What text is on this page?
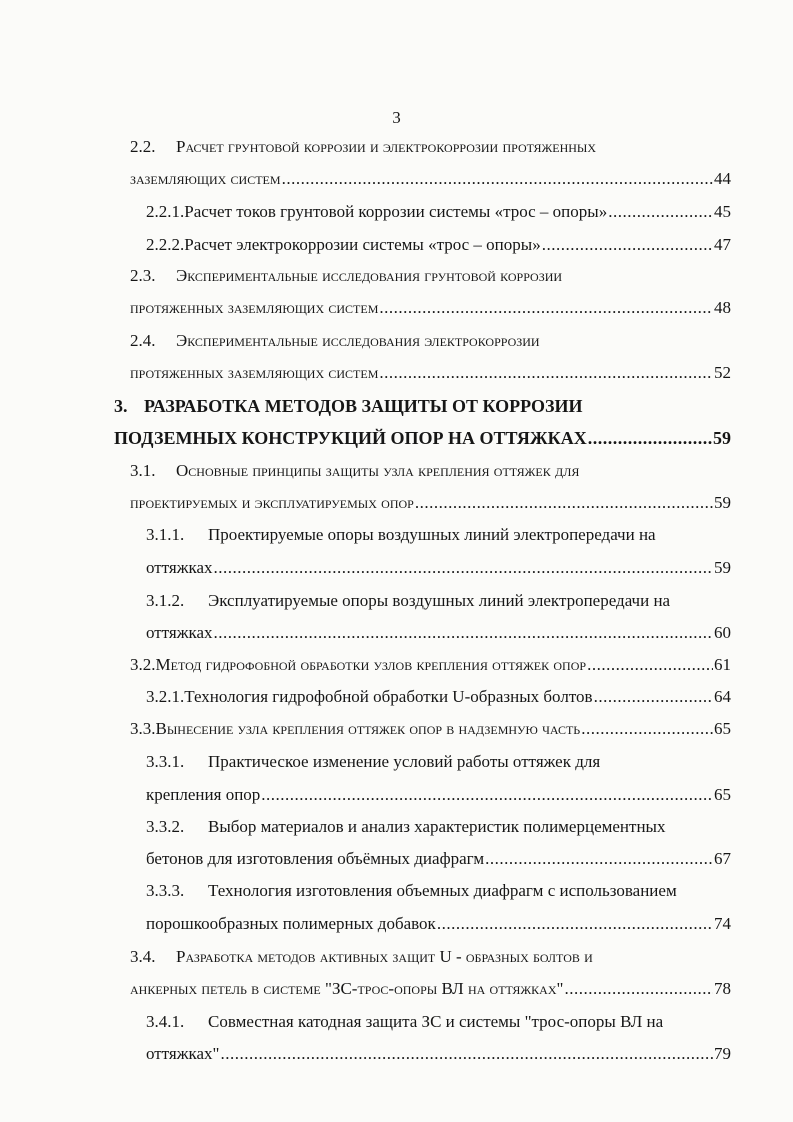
3
2.2.	Расчет грунтовой коррозии и электрокоррозии протяженных
заземляющих систем .....	44
2.2.1. Расчет токов грунтовой коррозии системы «трос – опоры» .....	45
2.2.2. Расчет электрокоррозии системы «трос – опоры» .....	47
2.3.	Экспериментальные исследования грунтовой коррозии
протяженных заземляющих систем .....	48
2.4.	Экспериментальные исследования электрокоррозии
протяженных заземляющих систем .....	52
3. РАЗРАБОТКА МЕТОДОВ ЗАЩИТЫ ОТ КОРРОЗИИ
ПОДЗЕМНЫХ КОНСТРУКЦИЙ ОПОР НА ОТТЯЖКАХ .....	59
3.1.	Основные принципы защиты узла крепления оттяжек для
проектируемых и эксплуатируемых опор .....	59
3.1.1.	Проектируемые опоры воздушных линий электропередачи на
оттяжках .....	59
3.1.2.	Эксплуатируемые опоры воздушных линий электропередачи на
оттяжках .....	60
3.2. Метод гидрофобной обработки узлов крепления оттяжек опор .....	61
3.2.1. Технология гидрофобной обработки U-образных болтов .....	64
3.3. Вынесение узла крепления оттяжек опор в надземную часть .....	65
3.3.1.	Практическое изменение условий работы оттяжек для
крепления опор .....	65
3.3.2.	Выбор материалов и анализ характеристик полимерцементных
бетонов для изготовления объёмных диафрагм .....	67
3.3.3.	Технология изготовления объемных диафрагм с использованием
порошкообразных полимерных добавок .....	74
3.4.	Разработка методов активных защит U - образных болтов и
анкерных петель в системе "ЗС-трос-опоры ВЛ на оттяжках" .....	78
3.4.1.	Совместная катодная защита ЗС и системы "трос-опоры ВЛ на
оттяжках" .....	79
